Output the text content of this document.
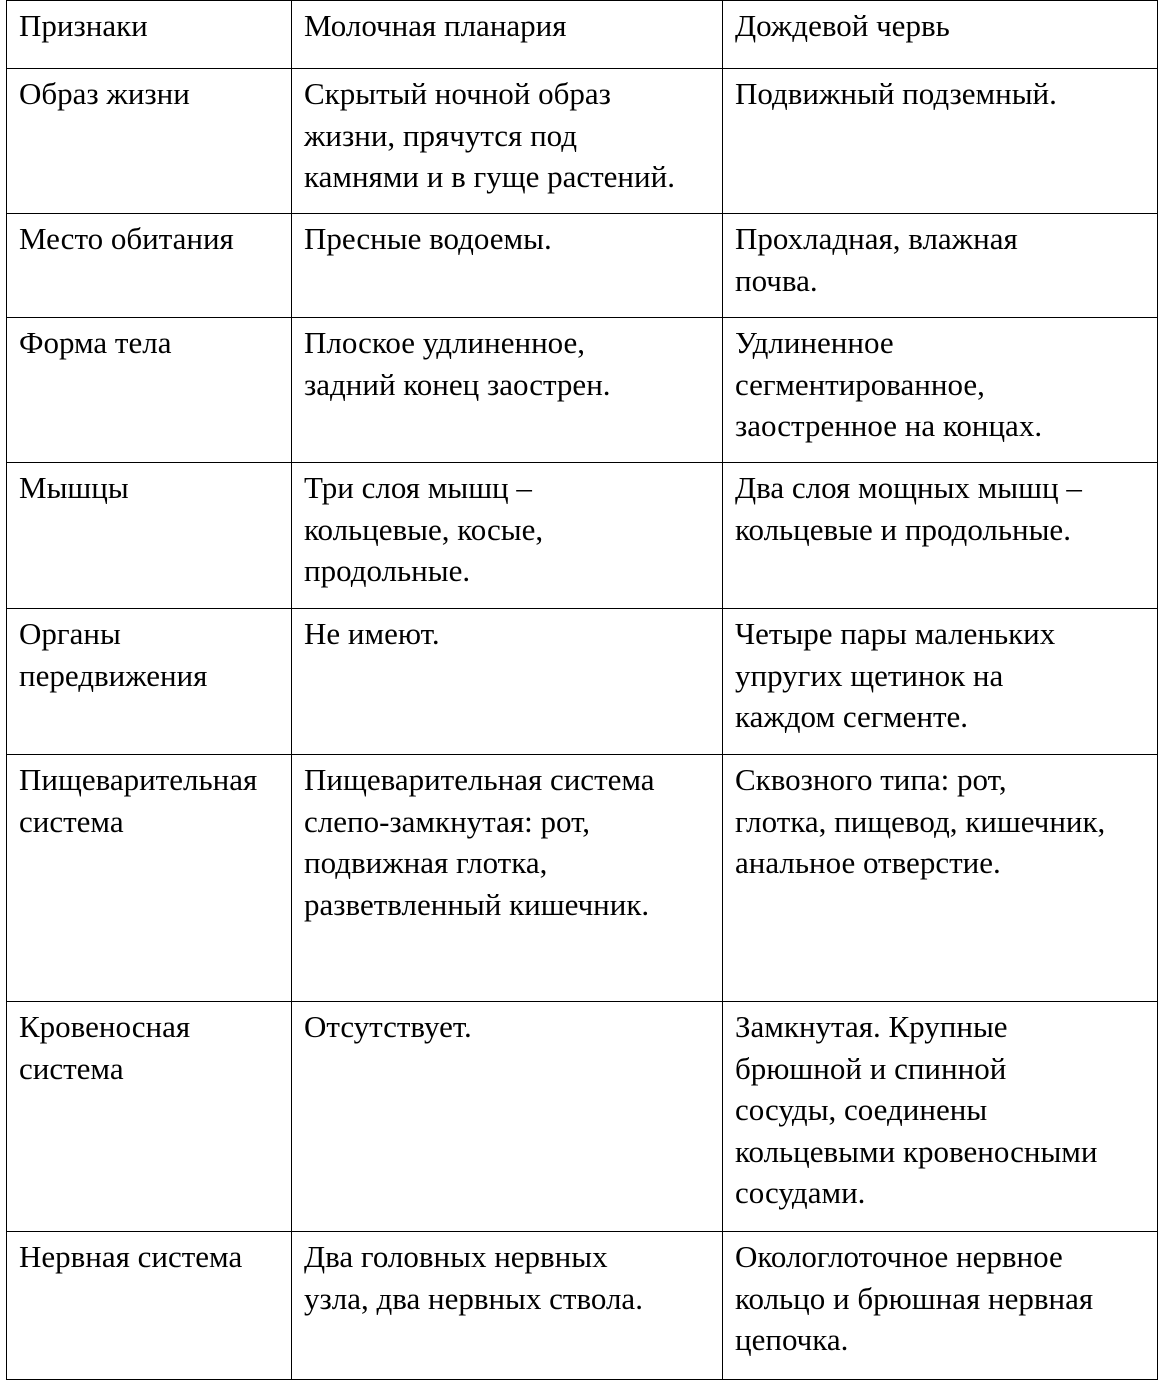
Признаки	Молочная планария	Дождевой червь

Образ жизни	Скрытый ночной образ
жизни, прячутся под
камнями и в гуще растений.	Подвижный подземный.

Место обитания	Пресные водоемы.	Прохладная, влажная
почва.

Форма тела	Плоское удлиненное,
задний конец заострен.	Удлиненное
сегментированное,
заостренное на концах.

Мышцы	Три слоя мышц –
кольцевые, косые,
продольные.	Два слоя мощных мышц –
кольцевые и продольные.

Органы
передвижения	Не имеют.	Четыре пары маленьких
упругих щетинок на
каждом сегменте.

Пищеварительная
система	Пищеварительная система
слепо-замкнутая: рот,
подвижная глотка,
разветвленный кишечник.	Сквозного типа: рот,
глотка, пищевод, кишечник,
анальное отверстие.

Кровеносная
система	Отсутствует.	Замкнутая. Крупные
брюшной и спинной
сосуды, соединены
кольцевыми кровеносными
сосудами.

Нервная система	Два головных нервных
узла, два нервных ствола.	Окологлоточное нервное
кольцо и брюшная нервная
цепочка.
